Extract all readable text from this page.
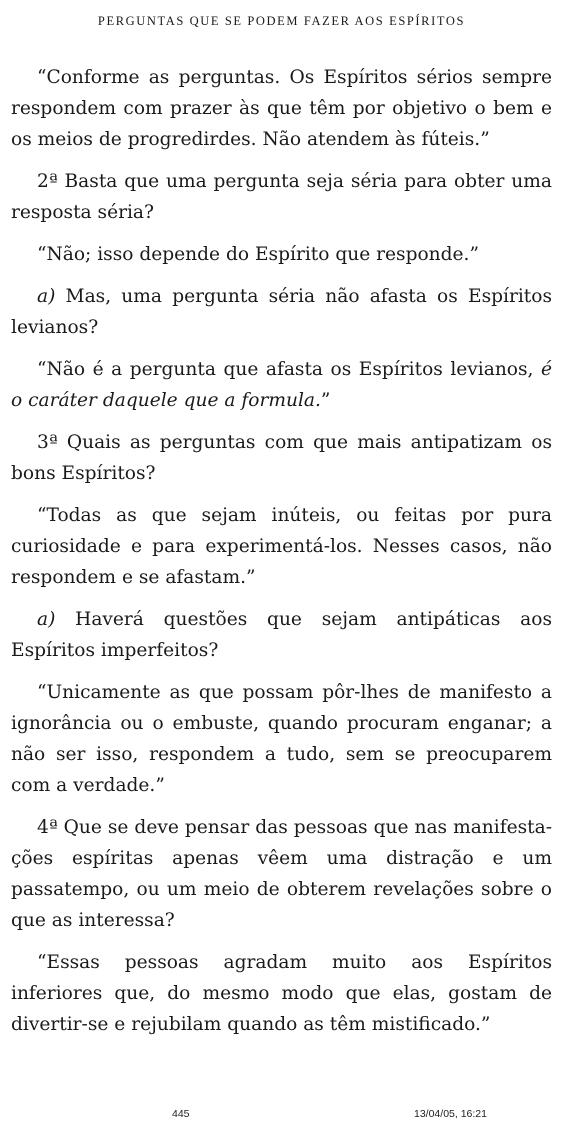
PERGUNTAS QUE SE PODEM FAZER AOS ESPÍRITOS

“Conforme as perguntas. Os Espíritos sérios sempre respondem com prazer às que têm por objetivo o bem e os meios de progredirdes. Não atendem às fúteis.”

2ª Basta que uma pergunta seja séria para obter uma resposta séria?

“Não; isso depende do Espírito que responde.”

a) Mas, uma pergunta séria não afasta os Espíritos levianos?

“Não é a pergunta que afasta os Espíritos levianos, é o caráter daquele que a formula.”

3ª Quais as perguntas com que mais antipatizam os bons Espíritos?

“Todas as que sejam inúteis, ou feitas por pura curiosidade e para experimentá-los. Nesses casos, não respondem e se afastam.”

a) Haverá questões que sejam antipáticas aos Espíritos imperfeitos?

“Unicamente as que possam pôr-lhes de manifesto a ignorância ou o embuste, quando procuram enganar; a não ser isso, respondem a tudo, sem se preocuparem com a verdade.”

4ª Que se deve pensar das pessoas que nas manifestações espíritas apenas vêem uma distração e um passatempo, ou um meio de obterem revelações sobre o que as interessa?

“Essas pessoas agradam muito aos Espíritos inferiores que, do mesmo modo que elas, gostam de divertir-se e rejubilam quando as têm mistificado.”

445	13/04/05, 16:21
